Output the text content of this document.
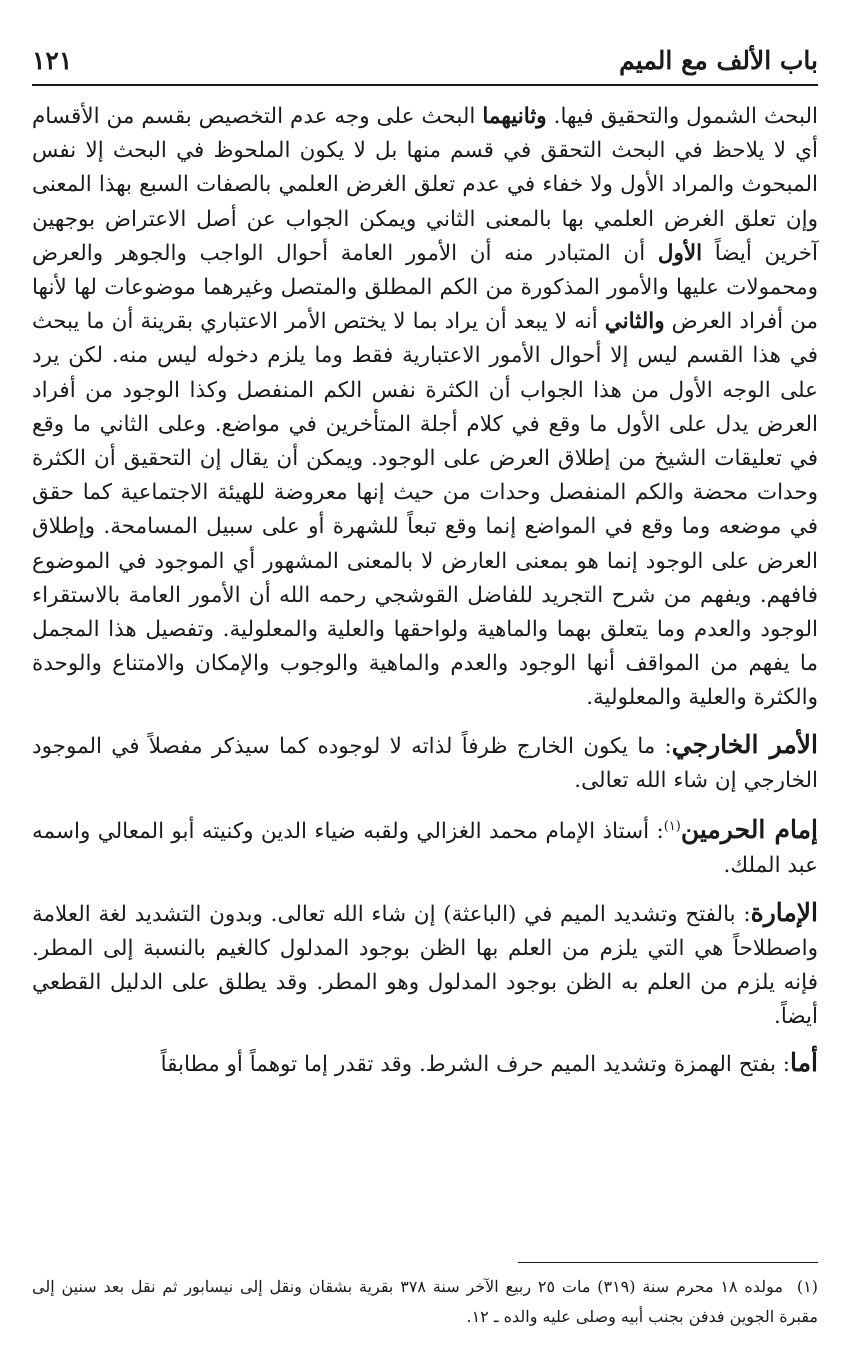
باب الألف مع الميم
١٢١

البحث الشمول والتحقيق فيها. وثانيهما البحث على وجه عدم التخصيص بقسم من الأقسام أي لا يلاحظ في البحث التحقق في قسم منها بل لا يكون الملحوظ في البحث إلا نفس المبحوث والمراد الأول ولا خفاء في عدم تعلق الغرض العلمي بالصفات السبع بهذا المعنى وإن تعلق الغرض العلمي بها بالمعنى الثاني ويمكن الجواب عن أصل الاعتراض بوجهين آخرين أيضاً الأول أن المتبادر منه أن الأمور العامة أحوال الواجب والجوهر والعرض ومحمولات عليها والأمور المذكورة من الكم المطلق والمتصل وغيرهما موضوعات لها لأنها من أفراد العرض والثاني أنه لا يبعد أن يراد بما لا يختص الأمر الاعتباري بقرينة أن ما يبحث في هذا القسم ليس إلا أحوال الأمور الاعتبارية فقط وما يلزم دخوله ليس منه. لكن يرد على الوجه الأول من هذا الجواب أن الكثرة نفس الكم المنفصل وكذا الوجود من أفراد العرض يدل على الأول ما وقع في كلام أجلة المتأخرين في مواضع. وعلى الثاني ما وقع في تعليقات الشيخ من إطلاق العرض على الوجود. ويمكن أن يقال إن التحقيق أن الكثرة وحدات محضة والكم المنفصل وحدات من حيث إنها معروضة للهيئة الاجتماعية كما حقق في موضعه وما وقع في المواضع إنما وقع تبعاً للشهرة أو على سبيل المسامحة. وإطلاق العرض على الوجود إنما هو بمعنى العارض لا بالمعنى المشهور أي الموجود في الموضوع فافهم. ويفهم من شرح التجريد للفاضل القوشجي رحمه الله أن الأمور العامة بالاستقراء الوجود والعدم وما يتعلق بهما والماهية ولواحقها والعلية والمعلولية. وتفصيل هذا المجمل ما يفهم من المواقف أنها الوجود والعدم والماهية والوجوب والإمكان والامتناع والوحدة والكثرة والعلية والمعلولية.

الأمر الخارجي: ما يكون الخارج ظرفاً لذاته لا لوجوده كما سيذكر مفصلاً في الموجود الخارجي إن شاء الله تعالى.

إمام الحرمين$^{(١)}$: أستاذ الإمام محمد الغزالي ولقبه ضياء الدين وكنيته أبو المعالي واسمه عبد الملك.

الإمارة: بالفتح وتشديد الميم في (الباعثة) إن شاء الله تعالى. وبدون التشديد لغة العلامة واصطلاحاً هي التي يلزم من العلم بها الظن بوجود المدلول كالغيم بالنسبة إلى المطر. فإنه يلزم من العلم به الظن بوجود المدلول وهو المطر. وقد يطلق على الدليل القطعي أيضاً.

أما: بفتح الهمزة وتشديد الميم حرف الشرط. وقد تقدر إما توهماً أو مطابقاً

(١)مولده ١٨ محرم سنة (٣١٩) مات ٢٥ ربيع الآخر سنة ٣٧٨ بقرية بشقان ونقل إلى نيسابور ثم نقل بعد سنين إلى مقبرة الجوين فدفن بجنب أبيه وصلى عليه والده ـ ١٢.
